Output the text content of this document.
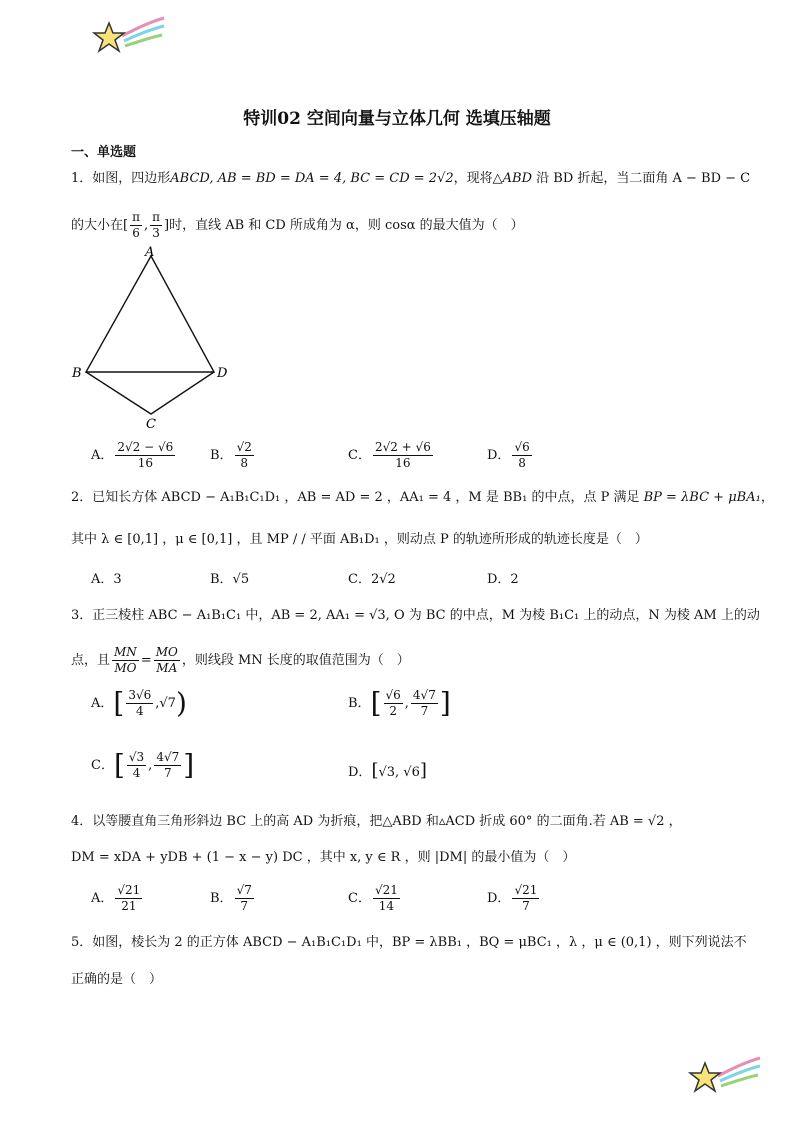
特训02 空间向量与立体几何 选填压轴题
一、单选题
1．如图，四边形ABCD, AB = BD = DA = 4, BC = CD = 2√2，现将△ABD 沿 BD 折起，当二面角 A − BD − C
的大小在[ $\frac{\pi}{6}$ , $\frac{\pi}{3}$ ]时，直线 AB 和 CD 所成角为 α，则 cosα 的最大值为（　）
A
B
C
D
A． $\frac{2√2 - √6}{16}$	B． $\frac{√2}{8}$	C． $\frac{2√2 + √6}{16}$	D． $\frac{√6}{8}$
2．已知长方体 ABCD − A₁B₁C₁D₁ ，AB = AD = 2 ，AA₁ = 4 ，M 是 BB₁ 的中点，点 P 满足 BP = λBC + μBA₁，
其中 λ ∈ [0,1] ，μ ∈ [0,1] ，且 MP / / 平面 AB₁D₁ ，则动点 P 的轨迹所形成的轨迹长度是（　）
A．3	B．√5	C．2√2	D．2
3．正三棱柱 ABC − A₁B₁C₁ 中，AB = 2, AA₁ = √3, O 为 BC 的中点，M 为棱 B₁C₁ 上的动点，N 为棱 AM 上的动
点，且 $\frac{MN}{MO} = \frac{MO}{MA}$ ，则线段 MN 长度的取值范围为（　）
A．[ $\frac{3√6}{4} ,√7$)	B．[ $\frac{√6}{2}$ , $\frac{4√7}{7}$ ]
C．[ $\frac{√3}{4}$ , $\frac{4√7}{7}$ ]	D．[√3, √6]
4．以等腰直角三角形斜边 BC 上的高 AD 为折痕，把△ABD 和▵ACD 折成 60° 的二面角.若 AB = √2 ，
DM = xDA + yDB + (1 − x − y) DC ，其中 x, y ∈ R ，则 |DM| 的最小值为（　）
A． $\frac{√21}{21}$	B． $\frac{√7}{7}$	C． $\frac{√21}{14}$	D． $\frac{√21}{7}$
5．如图，棱长为 2 的正方体 ABCD − A₁B₁C₁D₁ 中，BP = λBB₁ ，BQ = μBC₁ ，λ ，μ ∈ (0,1) ，则下列说法不
正确的是（　）
